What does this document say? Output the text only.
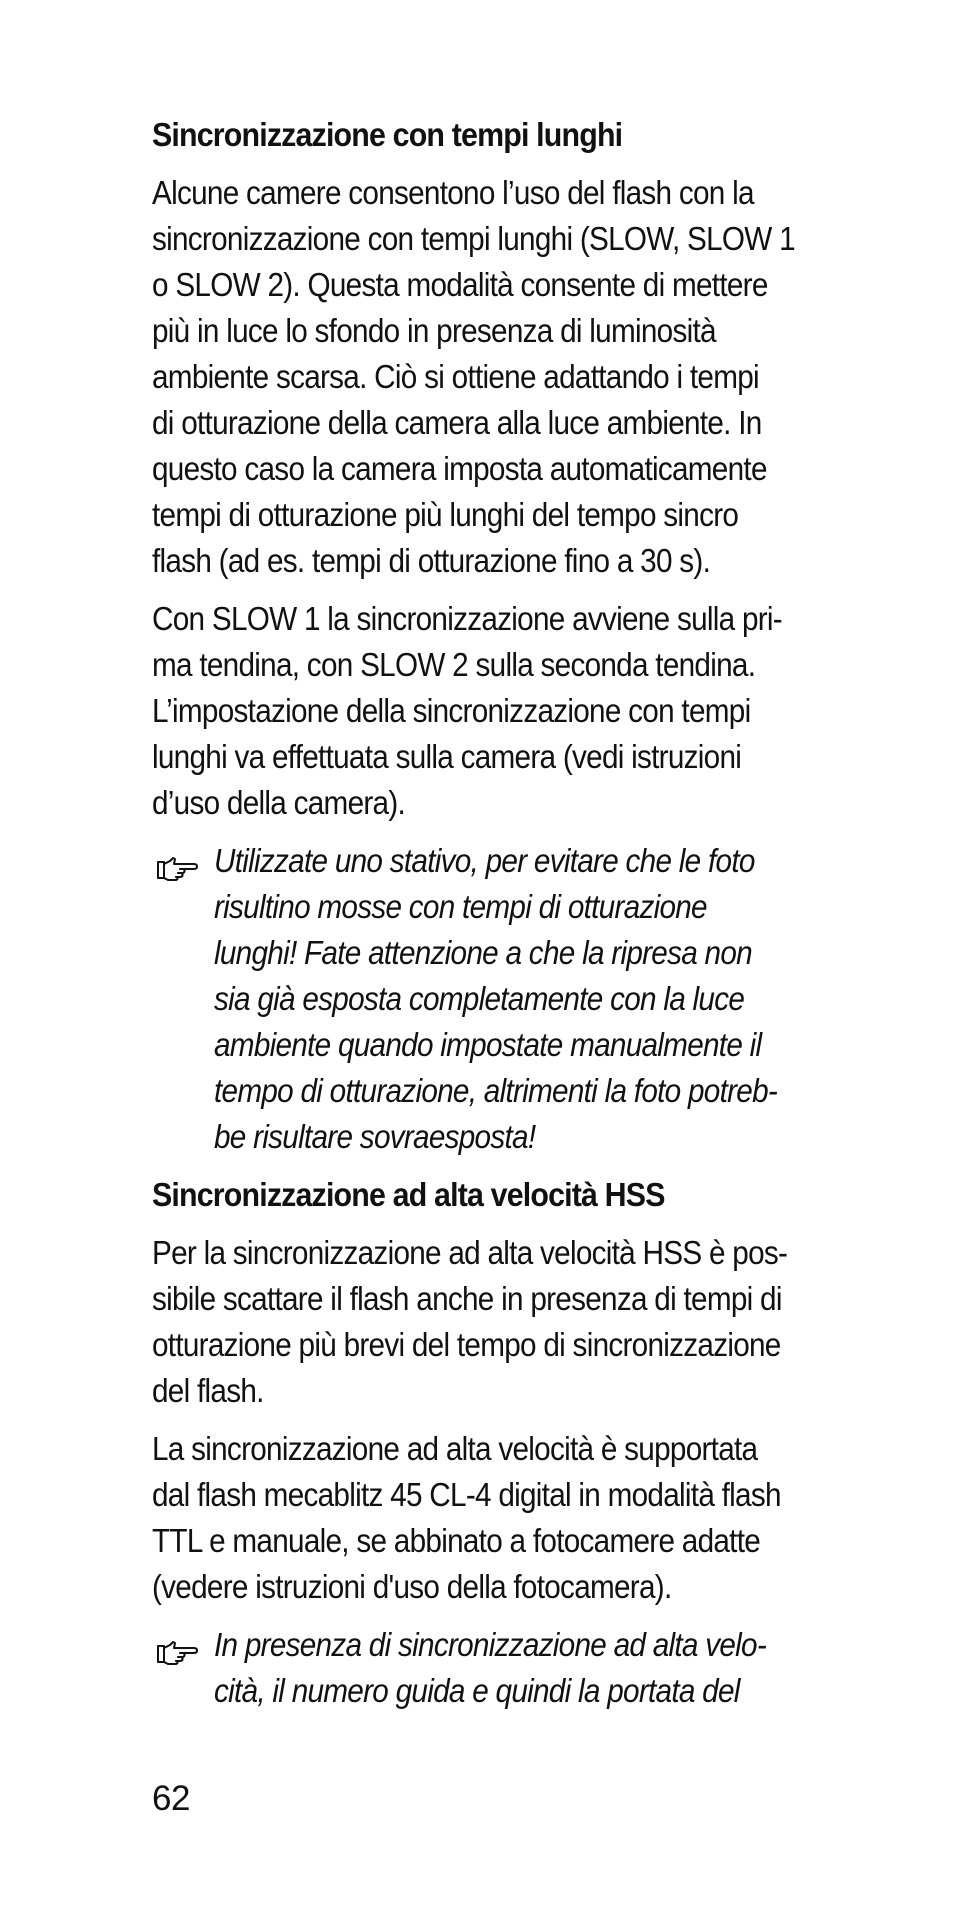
Sincronizzazione con tempi lunghi
Alcune camere consentono l’uso del flash con la
sincronizzazione con tempi lunghi (SLOW, SLOW 1
o SLOW 2). Questa modalità consente di mettere
più in luce lo sfondo in presenza di luminosità
ambiente scarsa. Ciò si ottiene adattando i tempi
di otturazione della camera alla luce ambiente. In
questo caso la camera imposta automaticamente
tempi di otturazione più lunghi del tempo sincro
flash (ad es. tempi di otturazione fino a 30 s).
Con SLOW 1 la sincronizzazione avviene sulla pri-
ma tendina, con SLOW 2 sulla seconda tendina.
L’impostazione della sincronizzazione con tempi
lunghi va effettuata sulla camera (vedi istruzioni
d’uso della camera).
Utilizzate uno stativo, per evitare che le foto
risultino mosse con tempi di otturazione
lunghi! Fate attenzione a che la ripresa non
sia già esposta completamente con la luce
ambiente quando impostate manualmente il
tempo di otturazione, altrimenti la foto potreb-
be risultare sovraesposta!
Sincronizzazione ad alta velocità HSS
Per la sincronizzazione ad alta velocità HSS è pos-
sibile scattare il flash anche in presenza di tempi di
otturazione più brevi del tempo di sincronizzazione
del flash.
La sincronizzazione ad alta velocità è supportata
dal flash mecablitz 45 CL-4 digital in modalità flash
TTL e manuale, se abbinato a fotocamere adatte
(vedere istruzioni d'uso della fotocamera).
In presenza di sincronizzazione ad alta velo-
cità, il numero guida e quindi la portata del
62
